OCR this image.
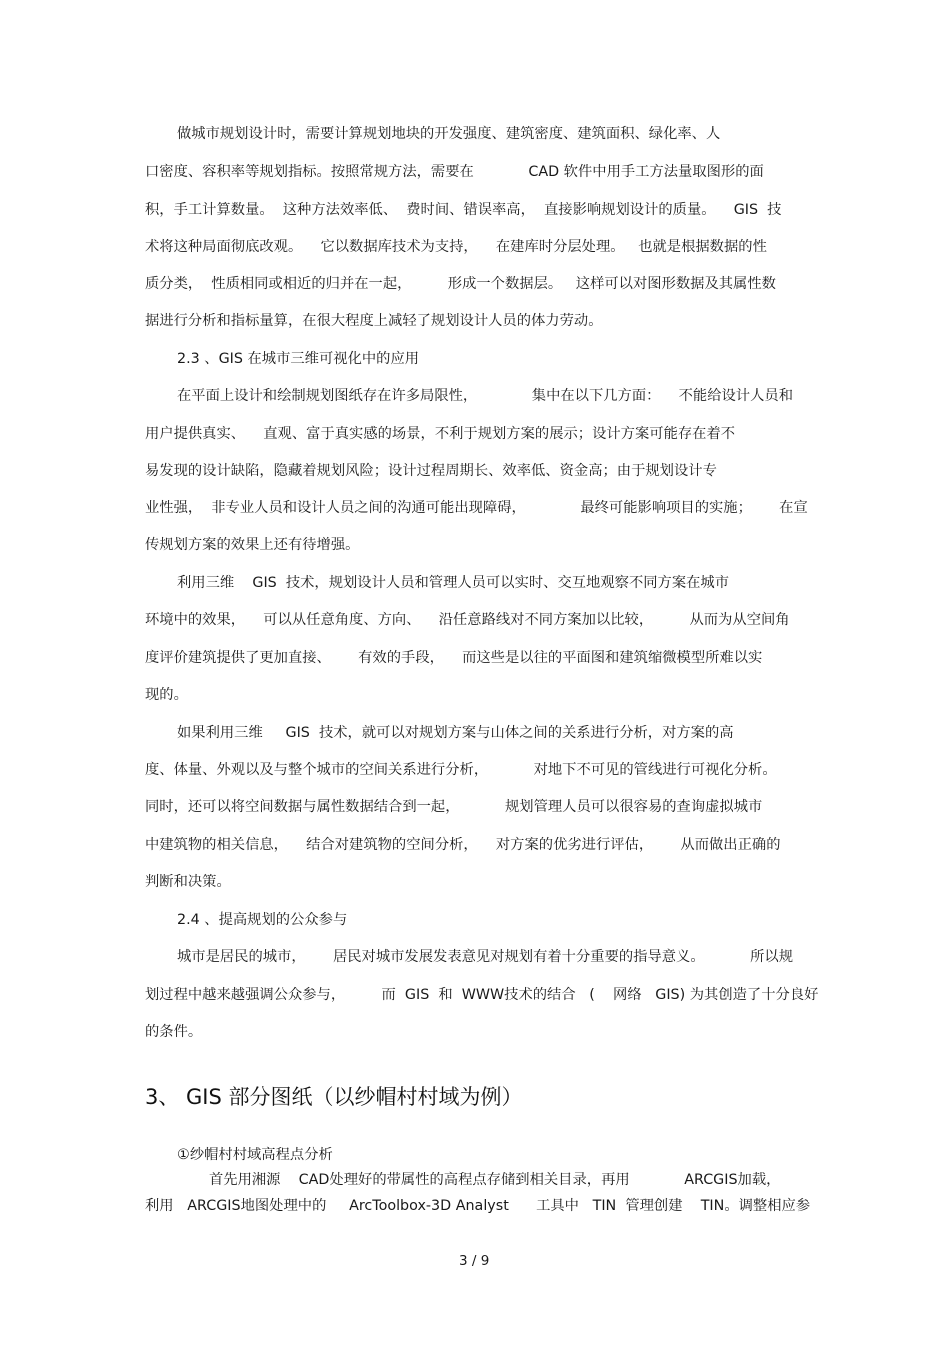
做城市规划设计时，需要计算规划地块的开发强度、建筑密度、建筑面积、绿化率、人
口密度、容积率等规划指标。按照常规方法，需要在            CAD 软件中用手工方法量取图形的面
积，手工计算数量。  这种方法效率低、  费时间、错误率高，  直接影响规划设计的质量。    GIS  技
术将这种局面彻底改观。    它以数据库技术为支持，    在建库时分层处理。   也就是根据数据的性
质分类，  性质相同或相近的归并在一起，        形成一个数据层。   这样可以对图形数据及其属性数
据进行分析和指标量算，在很大程度上减轻了规划设计人员的体力劳动。
2.3 、GIS 在城市三维可视化中的应用
在平面上设计和绘制规划图纸存在许多局限性，            集中在以下几方面：    不能给设计人员和
用户提供真实、    直观、富于真实感的场景，不利于规划方案的展示；设计方案可能存在着不
易发现的设计缺陷，隐藏着规划风险；设计过程周期长、效率低、资金高；由于规划设计专
业性强，  非专业人员和设计人员之间的沟通可能出现障碍，            最终可能影响项目的实施；      在宣
传规划方案的效果上还有待增强。
利用三维    GIS  技术，规划设计人员和管理人员可以实时、交互地观察不同方案在城市
环境中的效果，    可以从任意角度、方向、    沿任意路线对不同方案加以比较，        从而为从空间角
度评价建筑提供了更加直接、      有效的手段，    而这些是以往的平面图和建筑缩微模型所难以实
现的。
如果利用三维     GIS  技术，就可以对规划方案与山体之间的关系进行分析，对方案的高
度、体量、外观以及与整个城市的空间关系进行分析，          对地下不可见的管线进行可视化分析。
同时，还可以将空间数据与属性数据结合到一起，          规划管理人员可以很容易的查询虚拟城市
中建筑物的相关信息，    结合对建筑物的空间分析，    对方案的优劣进行评估，      从而做出正确的
判断和决策。
2.4 、提高规划的公众参与
城市是居民的城市，      居民对城市发展发表意见对规划有着十分重要的指导意义。          所以规
划过程中越来越强调公众参与，        而  GIS  和  WWW技术的结合   (    网络   GIS) 为其创造了十分良好
的条件。
3、 GIS 部分图纸（以纱帽村村域为例）
①纱帽村村域高程点分析
首先用湘源    CAD处理好的带属性的高程点存储到相关目录，再用            ARCGIS加载，
利用   ARCGIS地图处理中的     ArcToolbox-3D Analyst      工具中   TIN  管理创建    TIN。调整相应参
3 / 9
